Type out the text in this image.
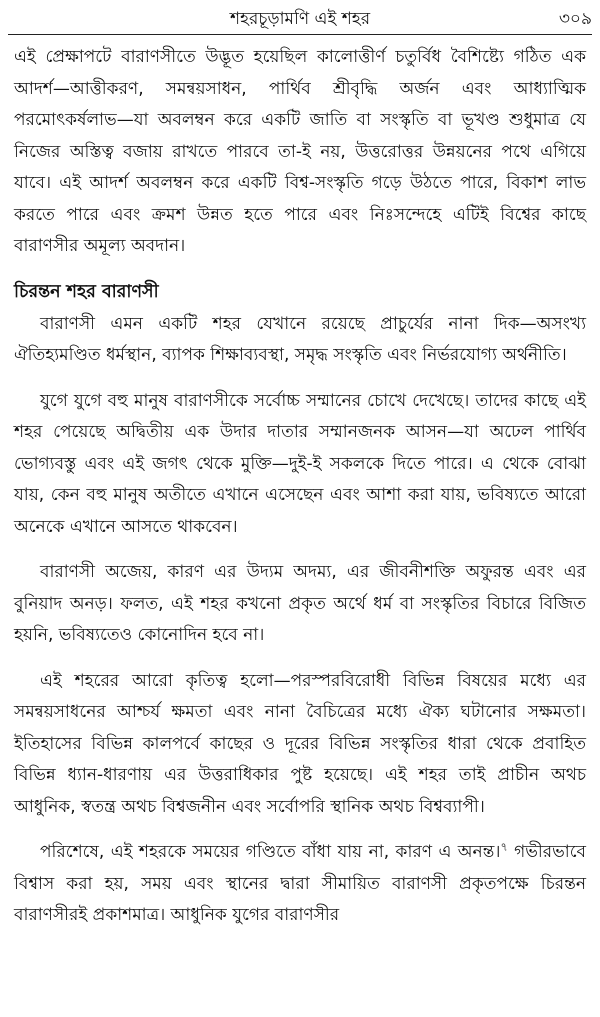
শহরচূড়ামণি এই শহর	৩০৯

এই প্রেক্ষাপটে বারাণসীতে উদ্ভূত হয়েছিল কালোত্তীর্ণ চতুর্বিধ বৈশিষ্ট্যে গঠিত এক আদর্শ—আত্তীকরণ, সমন্বয়সাধন, পার্থিব শ্রীবৃদ্ধি অর্জন এবং আধ্যাত্মিক পরমোৎকর্ষলাভ—যা অবলম্বন করে একটি জাতি বা সংস্কৃতি বা ভূখণ্ড শুধুমাত্র যে নিজের অস্তিত্ব বজায় রাখতে পারবে তা-ই নয়, উত্তরোত্তর উন্নয়নের পথে এগিয়ে যাবে। এই আদর্শ অবলম্বন করে একটি বিশ্ব-সংস্কৃতি গড়ে উঠতে পারে, বিকাশ লাভ করতে পারে এবং ক্রমশ উন্নত হতে পারে এবং নিঃসন্দেহে এটিই বিশ্বের কাছে বারাণসীর অমূল্য অবদান।

চিরন্তন শহর বারাণসী

বারাণসী এমন একটি শহর যেখানে রয়েছে প্রাচুর্যের নানা দিক—অসংখ্য ঐতিহ্যমণ্ডিত ধর্মস্থান, ব্যাপক শিক্ষাব্যবস্থা, সমৃদ্ধ সংস্কৃতি এবং নির্ভরযোগ্য অর্থনীতি।

যুগে যুগে বহু মানুষ বারাণসীকে সর্বোচ্চ সম্মানের চোখে দেখেছে। তাদের কাছে এই শহর পেয়েছে অদ্বিতীয় এক উদার দাতার সম্মানজনক আসন—যা অঢেল পার্থিব ভোগ্যবস্তু এবং এই জগৎ থেকে মুক্তি—দুই-ই সকলকে দিতে পারে। এ থেকে বোঝা যায়, কেন বহু মানুষ অতীতে এখানে এসেছেন এবং আশা করা যায়, ভবিষ্যতে আরো অনেকে এখানে আসতে থাকবেন।

বারাণসী অজেয়, কারণ এর উদ্যম অদম্য, এর জীবনীশক্তি অফুরন্ত এবং এর বুনিয়াদ অনড়। ফলত, এই শহর কখনো প্রকৃত অর্থে ধর্ম বা সংস্কৃতির বিচারে বিজিত হয়নি, ভবিষ্যতেও কোনোদিন হবে না।

এই শহরের আরো কৃতিত্ব হলো—পরস্পরবিরোধী বিভিন্ন বিষয়ের মধ্যে এর সমন্বয়সাধনের আশ্চর্য ক্ষমতা এবং নানা বৈচিত্রের মধ্যে ঐক্য ঘটানোর সক্ষমতা। ইতিহাসের বিভিন্ন কালপর্বে কাছের ও দূরের বিভিন্ন সংস্কৃতির ধারা থেকে প্রবাহিত বিভিন্ন ধ্যান-ধারণায় এর উত্তরাধিকার পুষ্ট হয়েছে। এই শহর তাই প্রাচীন অথচ আধুনিক, স্বতন্ত্র অথচ বিশ্বজনীন এবং সর্বোপরি স্থানিক অথচ বিশ্বব্যাপী।

পরিশেষে, এই শহরকে সময়ের গণ্ডিতে বাঁধা যায় না, কারণ এ অনন্ত।$^৭$ গভীরভাবে বিশ্বাস করা হয়, সময় এবং স্থানের দ্বারা সীমায়িত বারাণসী প্রকৃতপক্ষে চিরন্তন বারাণসীরই প্রকাশমাত্র। আধুনিক যুগের বারাণসীর
